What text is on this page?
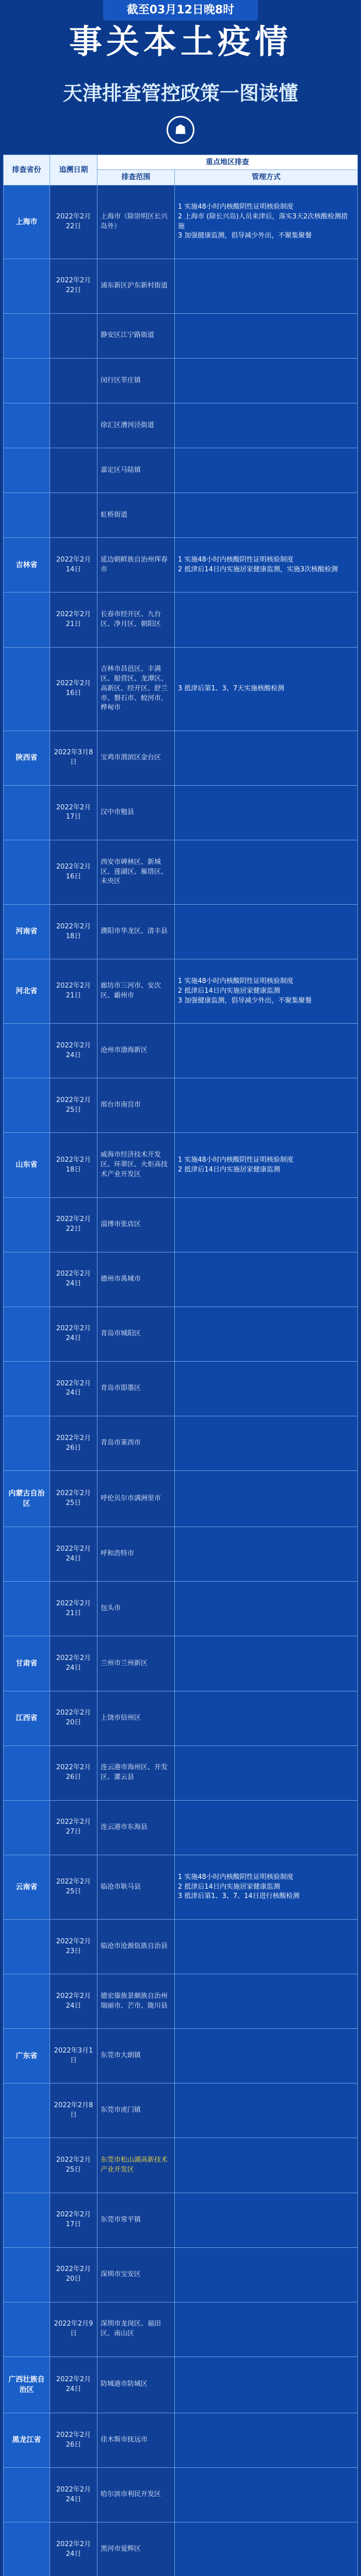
截至03月12日晚8时
事关本土疫情
天津排查管控政策一图读懂
☗
排查省份	追溯日期	重点地区排查	
		排查范围	管理方式
上海市	2022年2月22日	上海市（除崇明区长兴岛外）	1 实施48小时内核酸阴性证明核验制度
2 上海市 (除长兴岛)人员来津后，落实3天2次核酸检测措施
3 加强健康监测，倡导减少外出，不聚集聚餐
	2022年2月22日	浦东新区沪东新村街道	
		静安区江宁路街道	
		闵行区莘庄镇	
		徐汇区漕河泾街道	
		嘉定区马陆镇	
		虹桥街道	
吉林省	2022年2月14日	延边朝鲜族自治州珲春市	1 实施48小时内核酸阴性证明核验制度
2 抵津后14日内实施居家健康监测，实施3次核酸检测
	2022年2月21日	长春市经开区、九台区、净月区、朝阳区	
	2022年2月16日	吉林市昌邑区、丰满区、船营区、龙潭区、高新区、经开区、舒兰市、磐石市、蛟河市、桦甸市	3 抵津后第1、3、7天实施核酸检测
陕西省	2022年3月8日	宝鸡市渭滨区金台区	
	2022年2月17日	汉中市勉县	
	2022年2月16日	西安市碑林区、新城区、莲湖区、雁塔区、未央区	
河南省	2022年2月18日	濮阳市华龙区、清丰县	
河北省	2022年2月21日	廊坊市三河市、安次区、霸州市	1 实施48小时内核酸阴性证明核验制度
2 抵津后14日内实施居家健康监测
3 加强健康监测，倡导减少外出，不聚集聚餐
	2022年2月24日	沧州市渤海新区	
	2022年2月25日	邢台市南宫市	
山东省	2022年2月18日	威海市经济技术开发区、环翠区、火炬高技术产业开发区	1 实施48小时内核酸阴性证明核验制度
2 抵津后14日内实施居家健康监测
	2022年2月22日	淄博市张店区	
	2022年2月24日	德州市禹城市	
	2022年2月24日	青岛市城阳区	
	2022年2月24日	青岛市即墨区	
	2022年2月26日	青岛市莱西市	
内蒙古自治区	2022年2月25日	呼伦贝尔市满洲里市	
	2022年2月24日	呼和浩特市	
	2022年2月21日	包头市	
甘肃省	2022年2月24日	兰州市兰州新区	
江西省	2022年2月20日	上饶市信州区	
	2022年2月26日	连云港市海州区、开发区、灌云县	
	2022年2月27日	连云港市东海县	
云南省	2022年2月25日	临沧市耿马县	1 实施48小时内核酸阴性证明核验制度
2 抵津后14日内实施居家健康监测
3 抵津后第1、3、7、14日进行核酸检测
	2022年2月23日	临沧市沧源佤族自治县	
	2022年2月24日	德宏傣族景颇族自治州瑞丽市、芒市、陇川县	
广东省	2022年3月1日	东莞市大朗镇	
	2022年2月8日	东莞市虎门镇	
	2022年2月25日	东莞市松山湖高新技术产业开发区	
	2022年2月17日	东莞市常平镇	
	2022年2月20日	深圳市宝安区	
	2022年2月9日	深圳市龙岗区、福田区、南山区	
广西壮族自治区	2022年2月24日	防城港市防城区	
黑龙江省	2022年2月26日	佳木斯市抚远市	
	2022年2月24日	哈尔滨市利民开发区	
	2022年2月24日	黑河市爱辉区	
